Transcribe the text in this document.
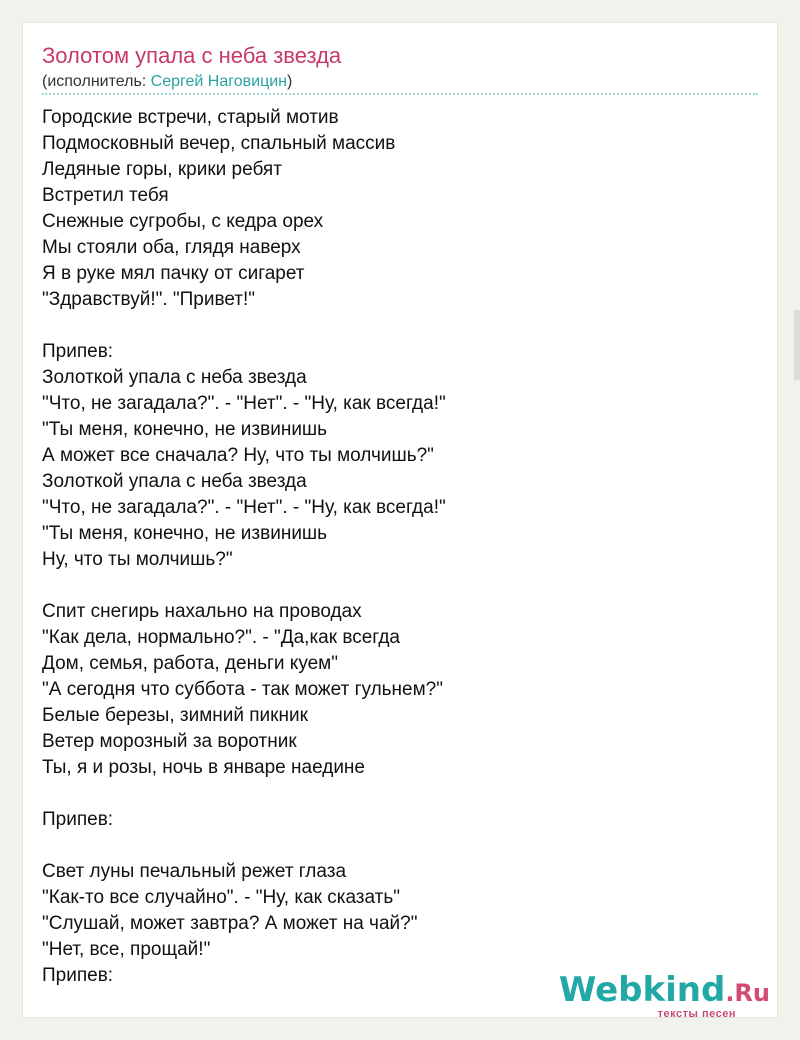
Золотом упала с неба звезда
(исполнитель: Сергей Наговицин)
Городские встречи, старый мотив
Подмосковный вечер, спальный массив
Ледяные горы, крики ребят
Встретил тебя
Снежные сугробы, с кедра орех
Мы стояли оба, глядя наверх
Я в руке мял пачку от сигарет
"Здравствуй!". "Привет!"
Припев:
Золоткой упала с неба звезда
"Что, не загадала?". - "Нет". - "Ну, как всегда!"
"Ты меня, конечно, не извинишь
А может все сначала? Ну, что ты молчишь?"
Золоткой упала с неба звезда
"Что, не загадала?". - "Нет". - "Ну, как всегда!"
"Ты меня, конечно, не извинишь
Ну, что ты молчишь?"
Спит снегирь нахально на проводах
"Как дела, нормально?". - "Да,как всегда
Дом, семья, работа, деньги куем"
"А сегодня что суббота - так может гульнем?"
Белые березы, зимний пикник
Ветер морозный за воротник
Ты, я и розы, ночь в январе наедине
Припев:
Свет луны печальный режет глаза
"Как-то все случайно". - "Ну, как сказать"
"Слушай, может завтра? А может на чай?"
"Нет, все, прощай!"
Припев:	Webkind.Ru
тексты песен
